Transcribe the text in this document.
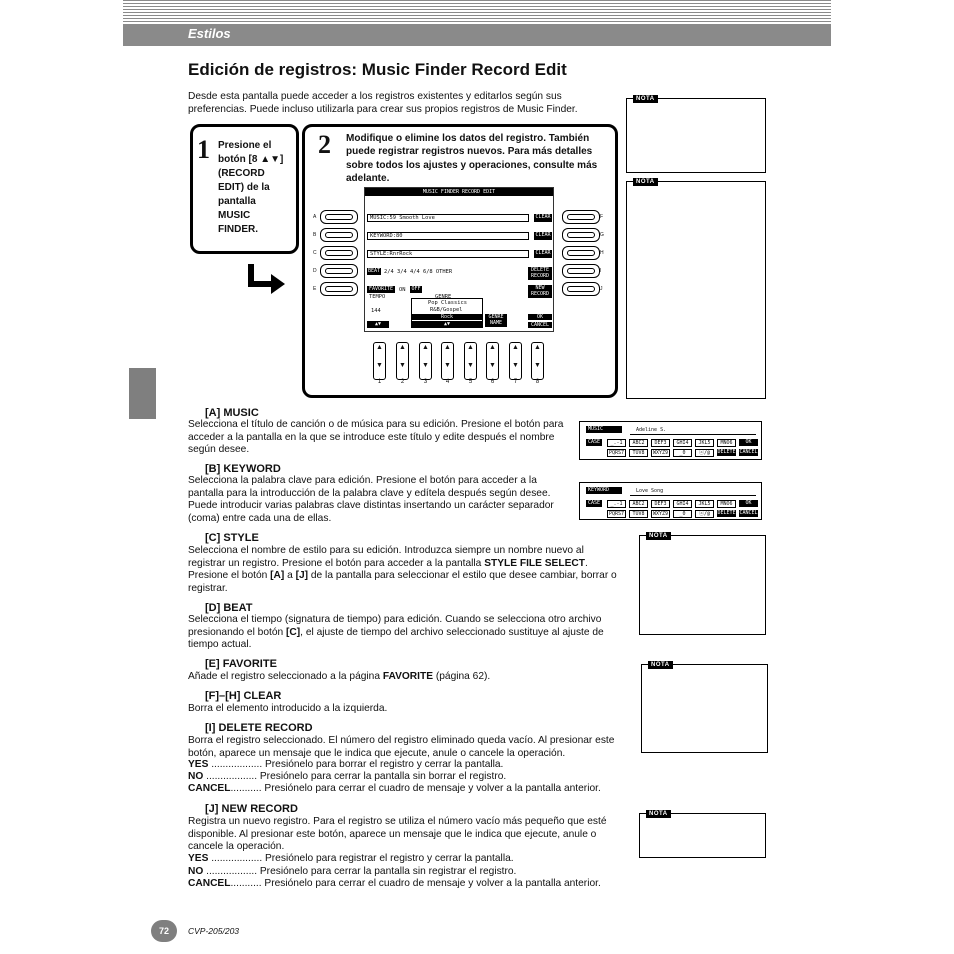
Estilos
Edición de registros: Music Finder Record Edit
Desde esta pantalla puede acceder a los registros existentes y editarlos según sus preferencias. Puede incluso utilizarla para crear sus propios registros de Music Finder.
1 Presione el botón [8 ▲▼] (RECORD EDIT) de la pantalla MUSIC FINDER.
2 Modifique o elimine los datos del registro. También puede registrar registros nuevos. Para más detalles sobre todos los ajustes y operaciones, consulte más adelante.
A
B
C
D
E
F
G
H
I
J
MUSIC FINDER RECORD EDIT
MUSIC:59 Smooth Love	CLEAR
KEYWORD:80	CLEAR
STYLE:RnrRock	CLEAR
BEAT 2/4 3/4 4/4 6/8 OTHER	DELETE RECORD
FAVORITE	ON OFF	NEW RECORD
TEMPO
144
▲▼
GENRE
Pop Classics
R&B/Gospel
Rock
▲▼
GENRE NAME
OK
CANCEL
▲

▼
1
▲

▼
2
▲

▼
3
▲

▼
4
▲

▼
5
▲

▼
6
▲

▼
7
▲

▼
8
NOTA
NOTA
NOTA
NOTA
NOTA
MUSIC	Adeline S.
CASE	_.-1	ABC2	DEF3	GHI4	JKL5	MNO6	OK
PQRS7	TUV8	WXYZ9	_0	ⓐ/@	DELETE CANCEL
KEYWORD	Love Song
CASE	_.-1	ABC2	DEF3	GHI4	JKL5	MNO6	OK
PQRS7	TUV8	WXYZ9	_0	ⓐ/@	DELETE CANCEL
[A] MUSIC
Selecciona el título de canción o de música para su edición. Presione el botón para acceder a la pantalla en la que se introduce este título y edite después el nombre según desee.
[B] KEYWORD
Selecciona la palabra clave para edición. Presione el botón para acceder a la pantalla para la introducción de la palabra clave y edítela después según desee. Puede introducir varias palabras clave distintas insertando un carácter separador (coma) entre cada una de ellas.
[C] STYLE
Selecciona el nombre de estilo para su edición. Introduzca siempre un nombre nuevo al registrar un registro. Presione el botón para acceder a la pantalla STYLE FILE SELECT. Presione el botón [A] a [J] de la pantalla para seleccionar el estilo que desee cambiar, borrar o registrar.
[D] BEAT
Selecciona el tiempo (signatura de tiempo) para edición. Cuando se selecciona otro archivo presionando el botón [C], el ajuste de tiempo del archivo seleccionado sustituye al ajuste de tiempo actual.
[E] FAVORITE
Añade el registro seleccionado a la página FAVORITE (página 62).
[F]–[H] CLEAR
Borra el elemento introducido a la izquierda.
[I] DELETE RECORD
Borra el registro seleccionado. El número del registro eliminado queda vacío. Al presionar este botón, aparece un mensaje que le indica que ejecute, anule o cancele la operación.
YES .................. Presiónelo para borrar el registro y cerrar la pantalla.
NO .................. Presiónelo para cerrar la pantalla sin borrar el registro.
CANCEL........... Presiónelo para cerrar el cuadro de mensaje y volver a la pantalla anterior.
[J] NEW RECORD
Registra un nuevo registro. Para el registro se utiliza el número vacío más pequeño que esté disponible. Al presionar este botón, aparece un mensaje que le indica que ejecute, anule o cancele la operación.
YES .................. Presiónelo para registrar el registro y cerrar la pantalla.
NO .................. Presiónelo para cerrar la pantalla sin registrar el registro.
CANCEL........... Presiónelo para cerrar el cuadro de mensaje y volver a la pantalla anterior.
72	CVP-205/203
